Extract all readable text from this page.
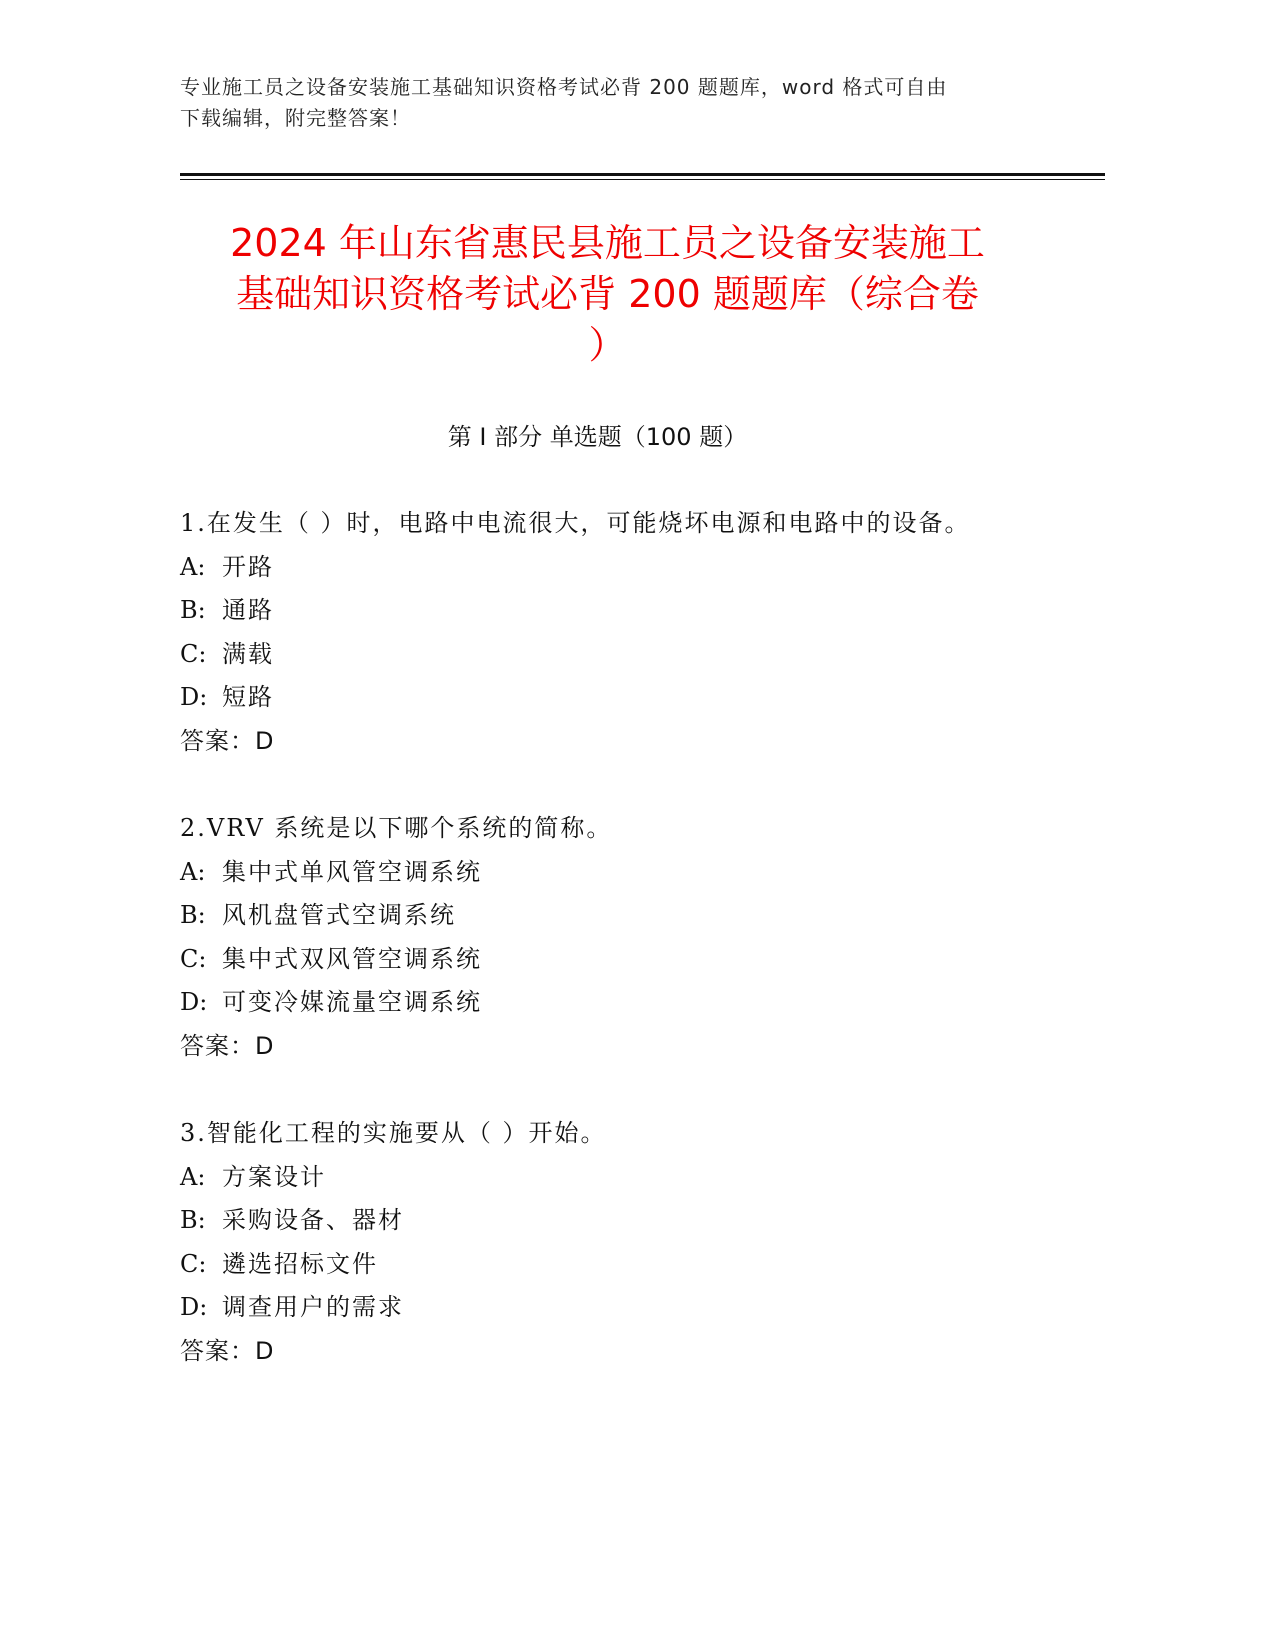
专业施工员之设备安装施工基础知识资格考试必背 200 题题库，word 格式可自由
下载编辑，附完整答案！
2024 年山东省惠民县施工员之设备安装施工
基础知识资格考试必背 200 题题库（综合卷
）
第 I 部分 单选题（100 题）
1.在发生（ ）时，电路中电流很大，可能烧坏电源和电路中的设备。
A: 开路
B: 通路
C: 满载
D: 短路
答案：D
2.VRV 系统是以下哪个系统的简称。
A: 集中式单风管空调系统
B: 风机盘管式空调系统
C: 集中式双风管空调系统
D: 可变冷媒流量空调系统
答案：D
3.智能化工程的实施要从（ ）开始。
A: 方案设计
B: 采购设备、器材
C: 遴选招标文件
D: 调查用户的需求
答案：D
